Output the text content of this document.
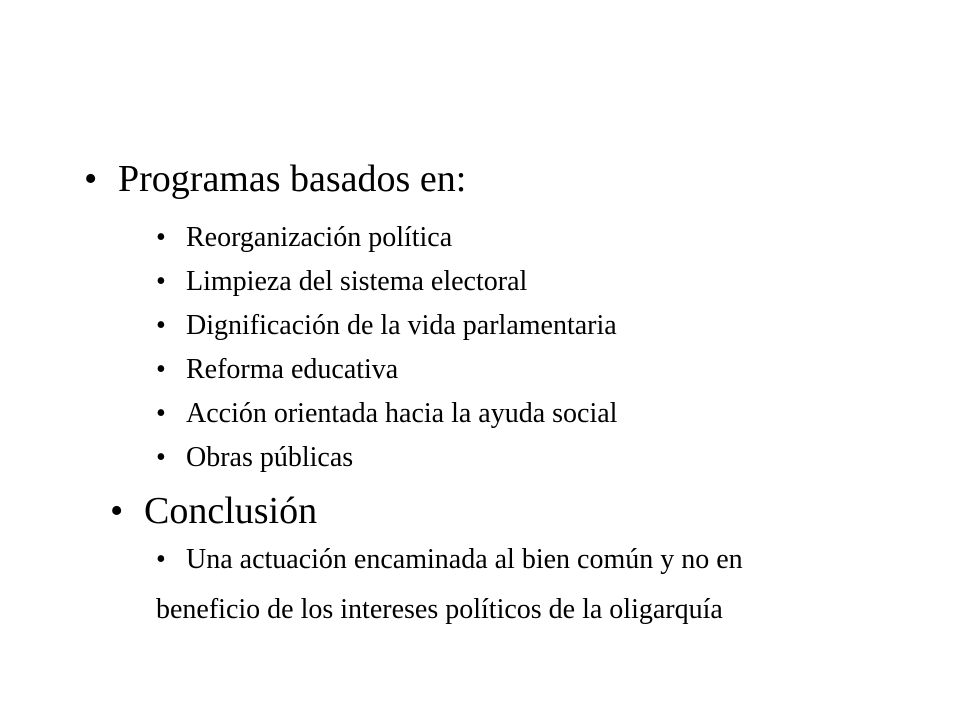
• Programas basados en:
• Reorganización política
• Limpieza del sistema electoral
• Dignificación de la vida parlamentaria
• Reforma educativa
• Acción orientada hacia la ayuda social
• Obras públicas
• Conclusión
• Una actuación encaminada al bien común y no en
beneficio de los intereses políticos de la oligarquía
